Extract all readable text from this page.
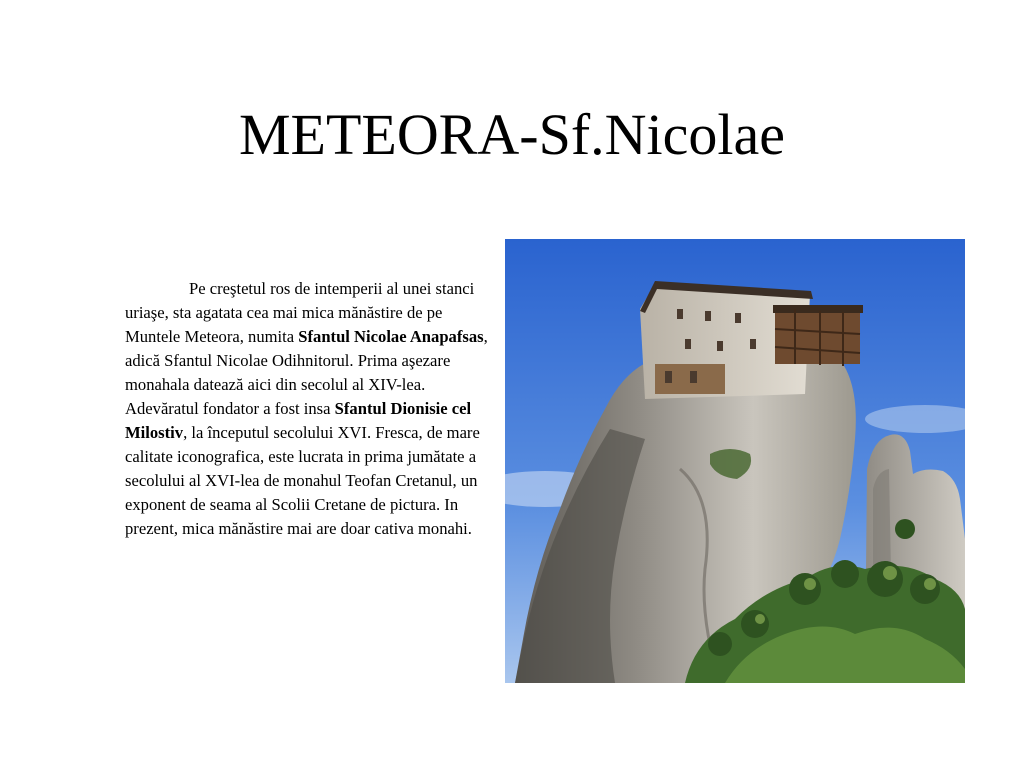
METEORA-Sf.Nicolae

Pe creştetul ros de intemperii al unei stanci uriaşe, sta agatata cea mai mica mănăstire de pe Muntele Meteora, numita Sfantul Nicolae Anapafsas, adică Sfantul Nicolae Odihnitorul. Prima aşezare monahala datează aici din secolul al XIV-lea. Adevăratul fondator a fost insa Sfantul Dionisie cel Milostiv, la începutul secolului XVI. Fresca, de mare calitate iconografica, este lucrata in prima jumătate a secolului al XVI-lea de monahul Teofan Cretanul, un exponent de seama al Scolii Cretane de pictura. In prezent, mica mănăstire mai are doar cativa monahi.
